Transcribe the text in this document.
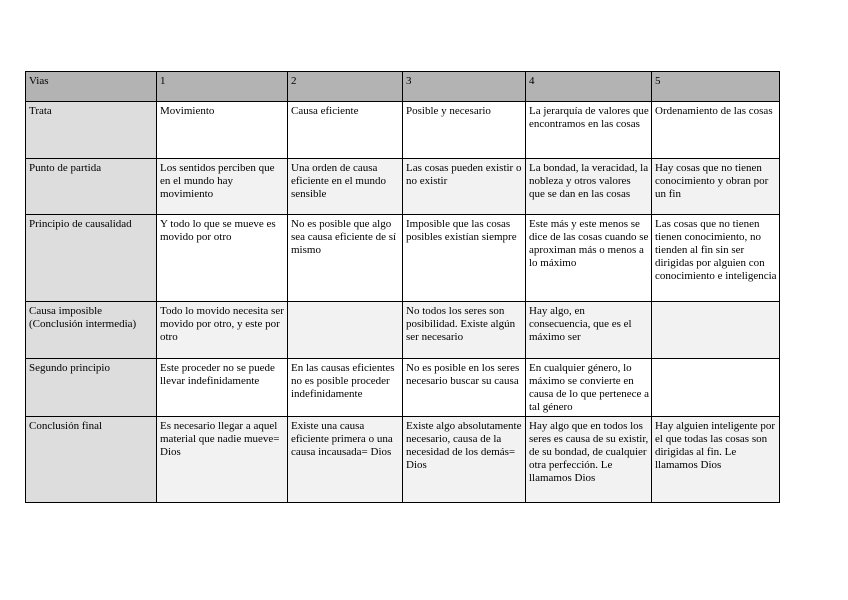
Vias	1	2	3	4	5
Trata	Movimiento	Causa eficiente	Posible y necesario	La jerarquía de valores que encontramos en las cosas	Ordenamiento de las cosas
Punto de partida	Los sentidos perciben que en el mundo hay movimiento	Una orden de causa eficiente en el mundo sensible	Las cosas pueden existir o no existir	La bondad, la veracidad, la nobleza y otros valores que se dan en las cosas	Hay cosas que no tienen conocimiento y obran por un fin
Principio de causalidad	Y todo lo que se mueve es movido por otro	No es posible que algo sea causa eficiente de sí mismo	Imposible que las cosas posibles existían siempre	Este más y este menos se dice de las cosas cuando se aproximan más o menos a lo máximo	Las cosas que no tienen tienen conocimiento, no tienden al fin sin ser dirigidas por alguien con conocimiento e inteligencia
Causa imposible (Conclusión intermedia)	Todo lo movido necesita ser movido por otro, y este por otro		No todos los seres son posibilidad. Existe algún ser necesario	Hay algo, en consecuencia, que es el máximo ser	
Segundo principio	Este proceder no se puede llevar indefinidamente	En las causas eficientes no es posible proceder indefinidamente	No es posible en los seres necesario buscar su causa	En cualquier género, lo máximo se convierte en causa de lo que pertenece a tal género	
Conclusión final	Es necesario llegar a aquel material que nadie mueve= Dios	Existe una causa eficiente primera o una causa incausada= Dios	Existe algo absolutamente necesario, causa de la necesidad de los demás= Dios	Hay algo que en todos los seres es causa de su existir, de su bondad, de cualquier otra perfección. Le llamamos Dios	Hay alguien inteligente por el que todas las cosas son dirigidas al fin. Le llamamos Dios
